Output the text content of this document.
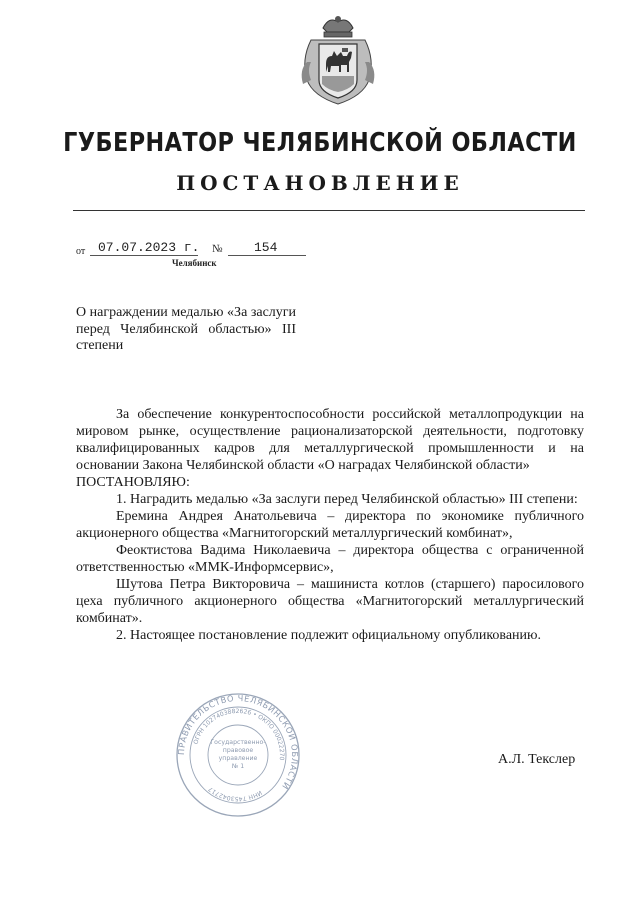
ГУБЕРНАТОР ЧЕЛЯБИНСКОЙ ОБЛАСТИ
ПОСТАНОВЛЕНИЕ
от 07.07.2023 г. № 154
Челябинск
О награждении медалью «За заслуги перед Челябинской областью» III степени

За обеспечение конкурентоспособности российской металлопродукции на мировом рынке, осуществление рационализаторской деятельности, подготовку квалифицированных кадров для металлургической промышленности и на основании Закона Челябинской области «О наградах Челябинской области»

ПОСТАНОВЛЯЮ:

1. Наградить медалью «За заслуги перед Челябинской областью» III степени:

Еремина Андрея Анатольевича – директора по экономике публичного акционерного общества «Магнитогорский металлургический комбинат»,

Феоктистова Вадима Николаевича – директора общества с ограниченной ответственностью «ММК-Информсервис»,

Шутова Петра Викторовича – машиниста котлов (старшего) паросилового цеха публичного акционерного общества «Магнитогорский металлургический комбинат».

2. Настоящее постановление подлежит официальному опубликованию.

ПРАВИТЕЛЬСТВО ЧЕЛЯБИНСКОЙ ОБЛАСТИ
ОГРН 1027403882626 • ОКПО 00022270
ИНН 7453042717
Государственно-
правовое
управление
№ 1	А.Л. Текслер
